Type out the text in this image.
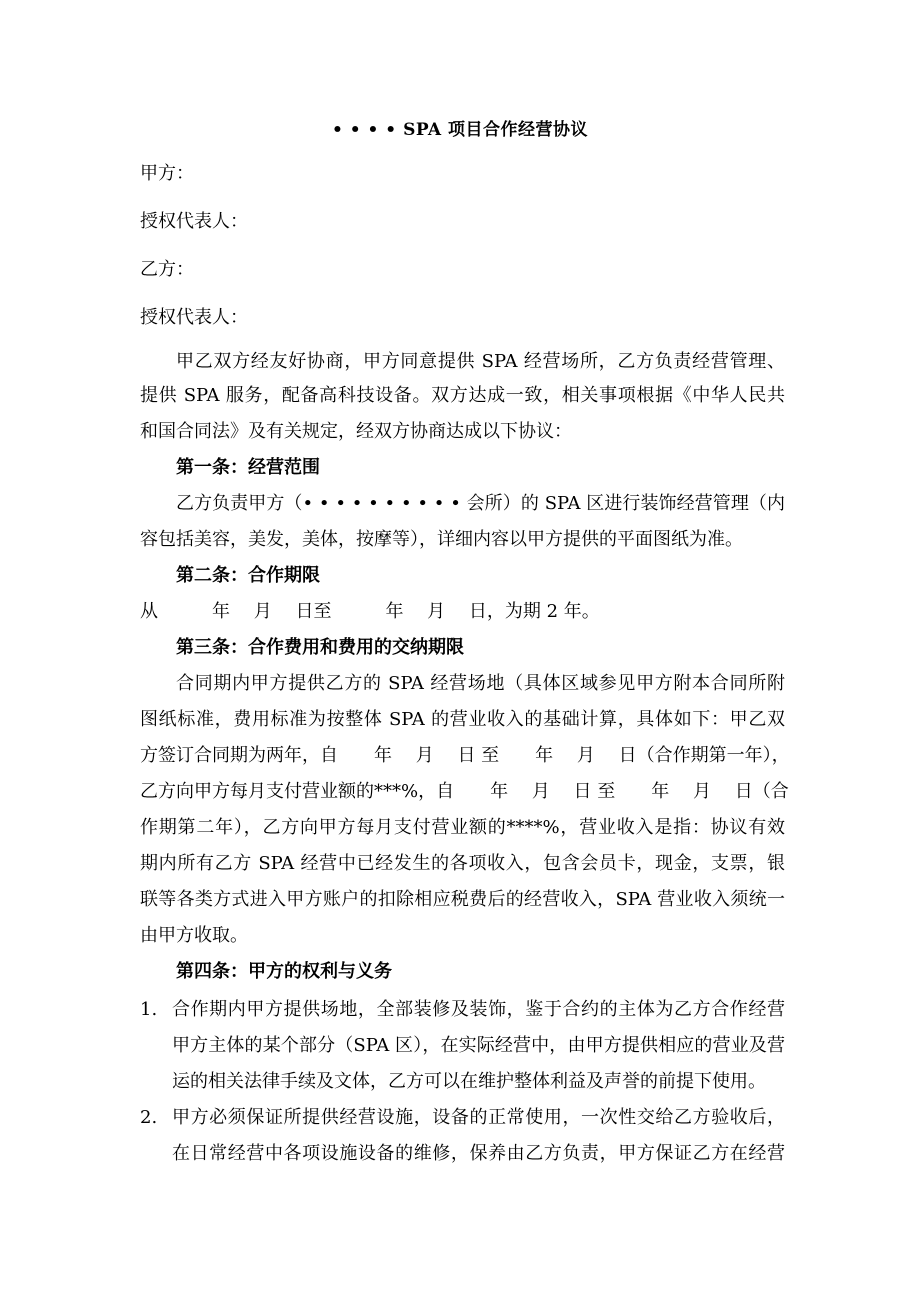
• • • • SPA 项目合作经营协议
甲方：
授权代表人：
乙方：
授权代表人：
甲乙双方经友好协商，甲方同意提供 SPA 经营场所，乙方负责经营管理、
提供 SPA 服务，配备高科技设备。双方达成一致，相关事项根据《中华人民共
和国合同法》及有关规定，经双方协商达成以下协议：
第一条：经营范围
乙方负责甲方（• • • • • • • • • • 会所）的 SPA 区进行装饰经营管理（内
容包括美容，美发，美体，按摩等），详细内容以甲方提供的平面图纸为准。
第二条：合作期限
从　　　年　 月　 日至　　　年　 月　 日，为期 2 年。
第三条：合作费用和费用的交纳期限
合同期内甲方提供乙方的 SPA 经营场地（具体区域参见甲方附本合同所附
图纸标准，费用标准为按整体 SPA 的营业收入的基础计算，具体如下：甲乙双
方签订合同期为两年，自　　年　 月　 日 至　　年　 月　 日（合作期第一年），
乙方向甲方每月支付营业额的***%，自　　年　 月　 日 至　　年　 月　 日（合
作期第二年），乙方向甲方每月支付营业额的****%，营业收入是指：协议有效
期内所有乙方 SPA 经营中已经发生的各项收入，包含会员卡，现金，支票，银
联等各类方式进入甲方账户的扣除相应税费后的经营收入，SPA 营业收入须统一
由甲方收取。
第四条：甲方的权利与义务
1. 合作期内甲方提供场地，全部装修及装饰，鉴于合约的主体为乙方合作经营
甲方主体的某个部分（SPA 区），在实际经营中，由甲方提供相应的营业及营
运的相关法律手续及文体，乙方可以在维护整体利益及声誉的前提下使用。
2. 甲方必须保证所提供经营设施，设备的正常使用，一次性交给乙方验收后，
在日常经营中各项设施设备的维修，保养由乙方负责，甲方保证乙方在经营
